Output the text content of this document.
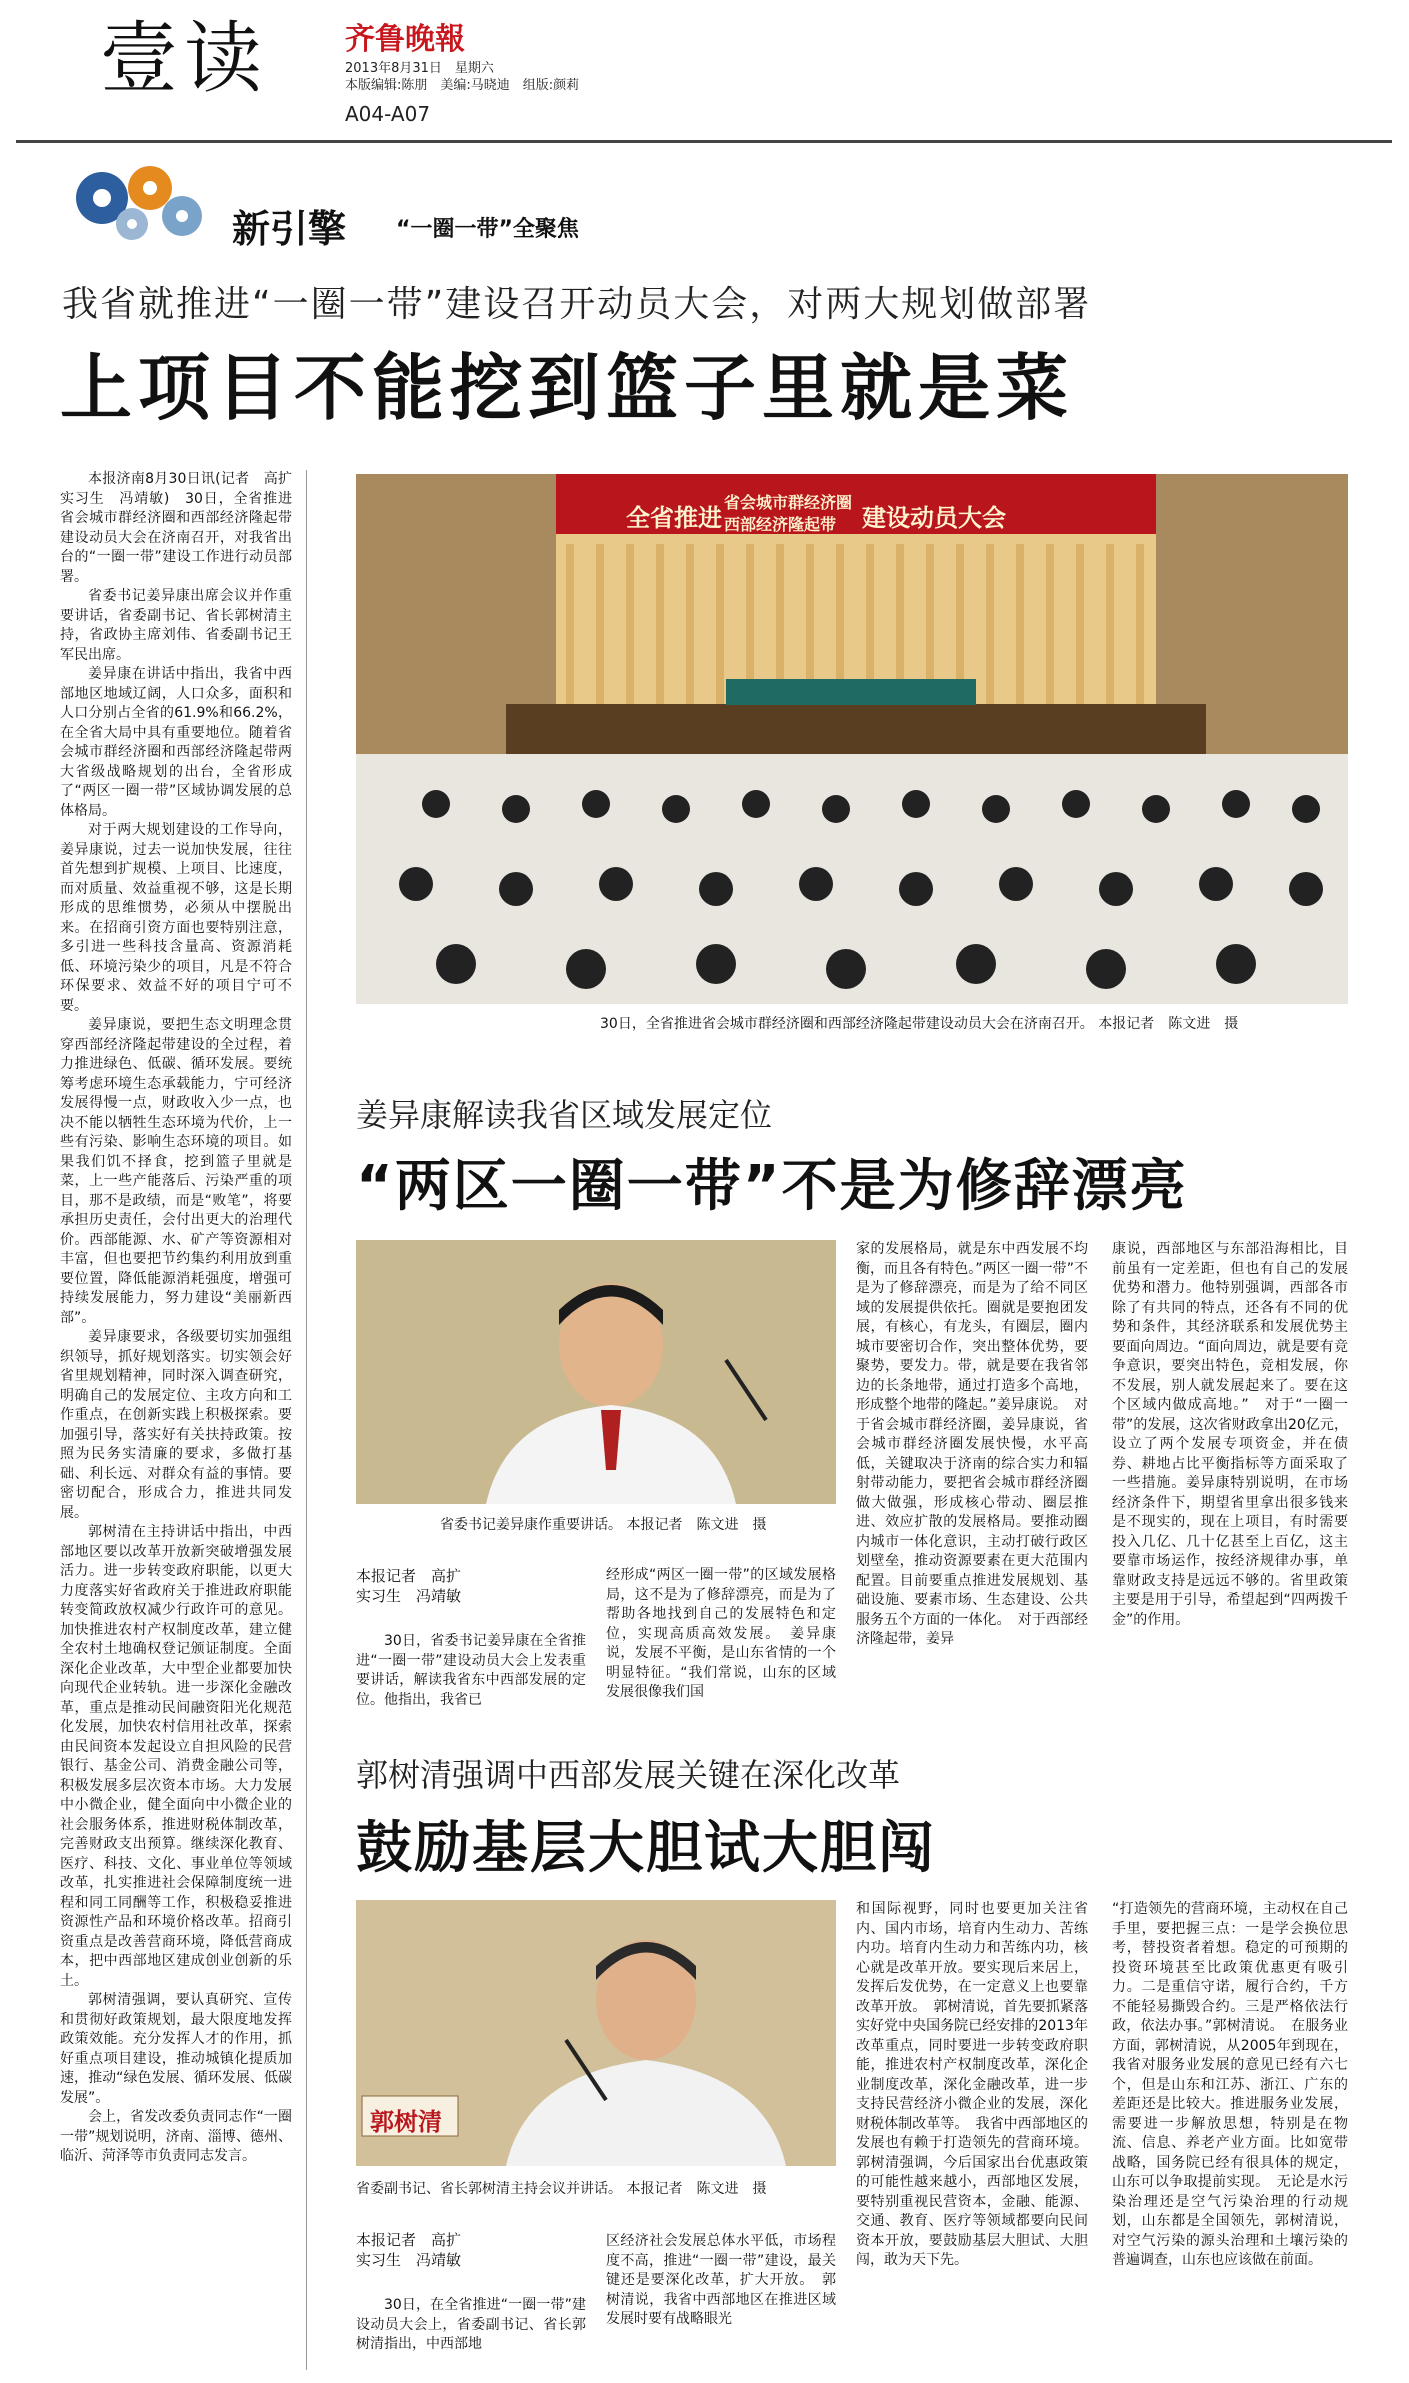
壹读	齐鲁晚報
2013年8月31日　星期六
本版编辑:陈朋　美编:马晓迪　组版:颜莉
A04-A07
新引擎 “一圈一带”全聚焦
我省就推进“一圈一带”建设召开动员大会，对两大规划做部署
上项目不能挖到篮子里就是菜

本报济南8月30日讯(记者　高扩　实习生　冯靖敏)　30日，全省推进省会城市群经济圈和西部经济隆起带建设动员大会在济南召开，对我省出台的“一圈一带”建设工作进行动员部署。

省委书记姜异康出席会议并作重要讲话，省委副书记、省长郭树清主持，省政协主席刘伟、省委副书记王军民出席。

姜异康在讲话中指出，我省中西部地区地域辽阔，人口众多，面积和人口分别占全省的61.9%和66.2%，在全省大局中具有重要地位。随着省会城市群经济圈和西部经济隆起带两大省级战略规划的出台，全省形成了“两区一圈一带”区域协调发展的总体格局。

对于两大规划建设的工作导向，姜异康说，过去一说加快发展，往往首先想到扩规模、上项目、比速度，而对质量、效益重视不够，这是长期形成的思维惯势，必须从中摆脱出来。在招商引资方面也要特别注意，多引进一些科技含量高、资源消耗低、环境污染少的项目，凡是不符合环保要求、效益不好的项目宁可不要。

姜异康说，要把生态文明理念贯穿西部经济隆起带建设的全过程，着力推进绿色、低碳、循环发展。要统筹考虑环境生态承载能力，宁可经济发展得慢一点，财政收入少一点，也决不能以牺牲生态环境为代价，上一些有污染、影响生态环境的项目。如果我们饥不择食，挖到篮子里就是菜，上一些产能落后、污染严重的项目，那不是政绩，而是“败笔”，将要承担历史责任，会付出更大的治理代价。西部能源、水、矿产等资源相对丰富，但也要把节约集约利用放到重要位置，降低能源消耗强度，增强可持续发展能力，努力建设“美丽新西部”。

姜异康要求，各级要切实加强组织领导，抓好规划落实。切实领会好省里规划精神，同时深入调查研究，明确自己的发展定位、主攻方向和工作重点，在创新实践上积极探索。要加强引导，落实好有关扶持政策。按照为民务实清廉的要求，多做打基础、利长远、对群众有益的事情。要密切配合，形成合力，推进共同发展。

郭树清在主持讲话中指出，中西部地区要以改革开放新突破增强发展活力。进一步转变政府职能，以更大力度落实好省政府关于推进政府职能转变简政放权减少行政许可的意见。加快推进农村产权制度改革，建立健全农村土地确权登记颁证制度。全面深化企业改革，大中型企业都要加快向现代企业转轨。进一步深化金融改革，重点是推动民间融资阳光化规范化发展，加快农村信用社改革，探索由民间资本发起设立自担风险的民营银行、基金公司、消费金融公司等，积极发展多层次资本市场。大力发展中小微企业，健全面向中小微企业的社会服务体系，推进财税体制改革，完善财政支出预算。继续深化教育、医疗、科技、文化、事业单位等领域改革，扎实推进社会保障制度统一进程和同工同酬等工作，积极稳妥推进资源性产品和环境价格改革。招商引资重点是改善营商环境，降低营商成本，把中西部地区建成创业创新的乐土。

郭树清强调，要认真研究、宣传和贯彻好政策规划，最大限度地发挥政策效能。充分发挥人才的作用，抓好重点项目建设，推动城镇化提质加速，推动“绿色发展、循环发展、低碳发展”。

会上，省发改委负责同志作“一圈一带”规划说明，济南、淄博、德州、临沂、菏泽等市负责同志发言。

全省推进
省会城市群经济圈
西部经济隆起带 建设动员大会
30日，全省推进省会城市群经济圈和西部经济隆起带建设动员大会在济南召开。 本报记者　陈文进　摄
姜异康解读我省区域发展定位
“两区一圈一带”不是为修辞漂亮
省委书记姜异康作重要讲话。 本报记者　陈文进　摄
本报记者　高扩
实习生　冯靖敏

30日，省委书记姜异康在全省推进“一圈一带”建设动员大会上发表重要讲话，解读我省东中西部发展的定位。他指出，我省已

经形成“两区一圈一带”的区域发展格局，这不是为了修辞漂亮，而是为了帮助各地找到自己的发展特色和定位，实现高质高效发展。　姜异康说，发展不平衡，是山东省情的一个明显特征。“我们常说，山东的区域发展很像我们国

家的发展格局，就是东中西发展不均衡，而且各有特色。”两区一圈一带”不是为了修辞漂亮，而是为了给不同区域的发展提供依托。圈就是要抱团发展，有核心，有龙头，有圈层，圈内城市要密切合作，突出整体优势，要聚势，要发力。带，就是要在我省邻边的长条地带，通过打造多个高地，形成整个地带的隆起。”姜异康说。　对于省会城市群经济圈，姜异康说，省会城市群经济圈发展快慢，水平高低，关键取决于济南的综合实力和辐射带动能力，要把省会城市群经济圈做大做强，形成核心带动、圈层推进、效应扩散的发展格局。要推动圈内城市一体化意识，主动打破行政区划壁垒，推动资源要素在更大范围内配置。目前要重点推进发展规划、基础设施、要素市场、生态建设、公共服务五个方面的一体化。　对于西部经济隆起带，姜异

康说，西部地区与东部沿海相比，目前虽有一定差距，但也有自己的发展优势和潜力。他特别强调，西部各市除了有共同的特点，还各有不同的优势和条件，其经济联系和发展优势主要面向周边。“面向周边，就是要有竞争意识，要突出特色，竞相发展，你不发展，别人就发展起来了。要在这个区域内做成高地。”　对于“一圈一带”的发展，这次省财政拿出20亿元，设立了两个发展专项资金，并在债券、耕地占比平衡指标等方面采取了一些措施。姜异康特别说明，在市场经济条件下，期望省里拿出很多钱来是不现实的，现在上项目，有时需要投入几亿、几十亿甚至上百亿，这主要靠市场运作，按经济规律办事，单靠财政支持是远远不够的。省里政策主要是用于引导，希望起到“四两拨千金”的作用。

郭树清强调中西部发展关键在深化改革
鼓励基层大胆试大胆闯
郭树清
省委副书记、省长郭树清主持会议并讲话。 本报记者　陈文进　摄
本报记者　高扩
实习生　冯靖敏

30日，在全省推进“一圈一带”建设动员大会上，省委副书记、省长郭树清指出，中西部地

区经济社会发展总体水平低，市场程度不高，推进“一圈一带”建设，最关键还是要深化改革，扩大开放。　郭树清说，我省中西部地区在推进区域发展时要有战略眼光

和国际视野，同时也要更加关注省内、国内市场，培育内生动力、苦练内功。培育内生动力和苦练内功，核心就是改革开放。要实现后来居上，发挥后发优势，在一定意义上也要靠改革开放。　郭树清说，首先要抓紧落实好党中央国务院已经安排的2013年改革重点，同时要进一步转变政府职能，推进农村产权制度改革，深化企业制度改革，深化金融改革，进一步支持民营经济小微企业的发展，深化财税体制改革等。　我省中西部地区的发展也有赖于打造领先的营商环境。郭树清强调，今后国家出台优惠政策的可能性越来越小，西部地区发展，要特别重视民营资本，金融、能源、交通、教育、医疗等领域都要向民间资本开放，要鼓励基层大胆试、大胆闯，敢为天下先。

“打造领先的营商环境，主动权在自己手里，要把握三点：一是学会换位思考，替投资者着想。稳定的可预期的投资环境甚至比政策优惠更有吸引力。二是重信守诺，履行合约，千方不能轻易撕毁合约。三是严格依法行政，依法办事。”郭树清说。　在服务业方面，郭树清说，从2005年到现在，我省对服务业发展的意见已经有六七个，但是山东和江苏、浙江、广东的差距还是比较大。推进服务业发展，需要进一步解放思想，特别是在物流、信息、养老产业方面。比如宽带战略，国务院已经有很具体的规定，山东可以争取提前实现。　无论是水污染治理还是空气污染治理的行动规划，山东都是全国领先，郭树清说，对空气污染的源头治理和土壤污染的普遍调查，山东也应该做在前面。
